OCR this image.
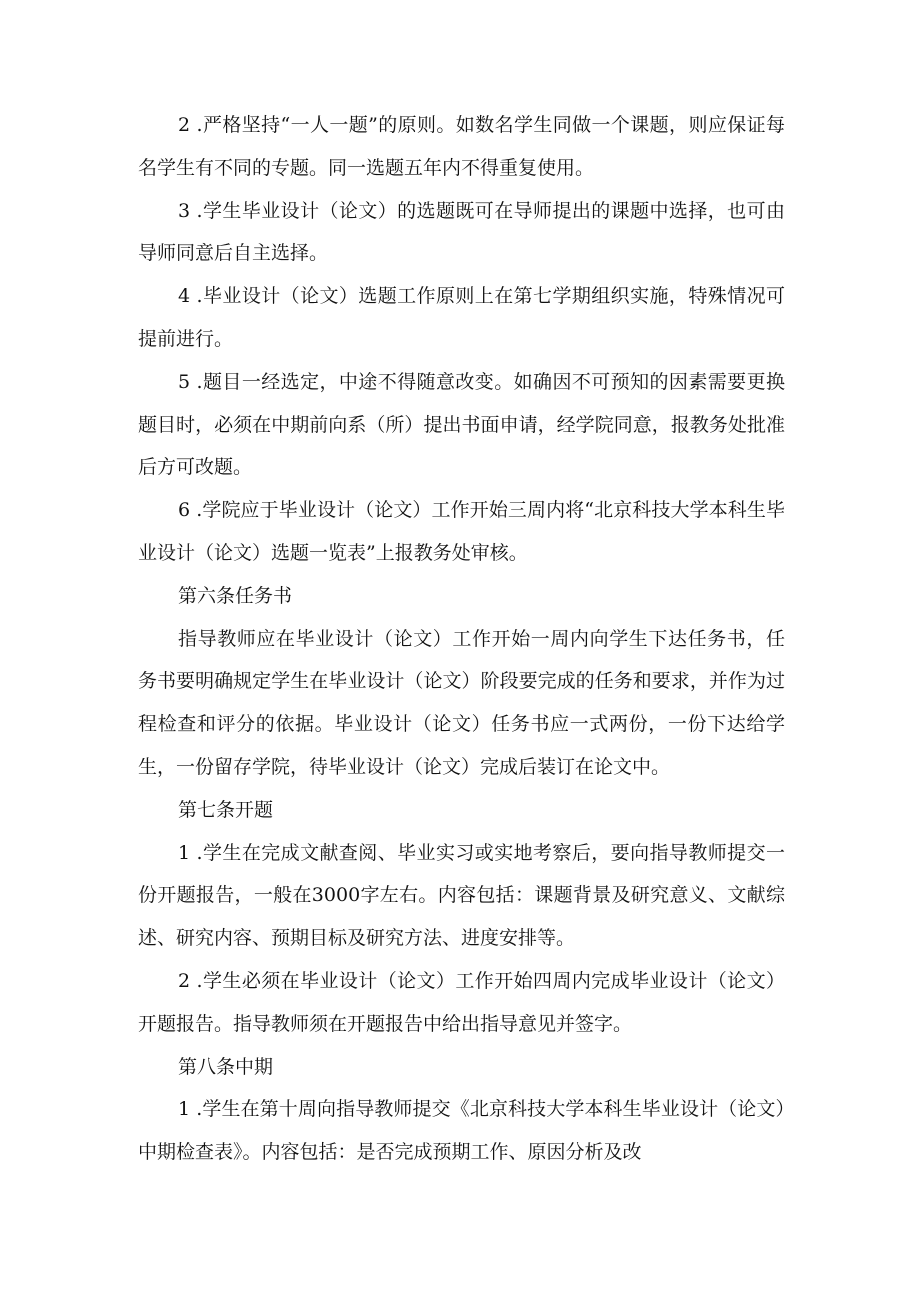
2 .严格坚持“一人一题”的原则。如数名学生同做一个课题，则应保证每名学生有不同的专题。同一选题五年内不得重复使用。

3 .学生毕业设计（论文）的选题既可在导师提出的课题中选择，也可由导师同意后自主选择。

4 .毕业设计（论文）选题工作原则上在第七学期组织实施，特殊情况可提前进行。

5 .题目一经选定，中途不得随意改变。如确因不可预知的因素需要更换题目时，必须在中期前向系（所）提出书面申请，经学院同意，报教务处批准后方可改题。

6 .学院应于毕业设计（论文）工作开始三周内将“北京科技大学本科生毕业设计（论文）选题一览表”上报教务处审核。

第六条任务书

指导教师应在毕业设计（论文）工作开始一周内向学生下达任务书，任务书要明确规定学生在毕业设计（论文）阶段要完成的任务和要求，并作为过程检查和评分的依据。毕业设计（论文）任务书应一式两份，一份下达给学生，一份留存学院，待毕业设计（论文）完成后装订在论文中。

第七条开题

1 .学生在完成文献查阅、毕业实习或实地考察后，要向指导教师提交一份开题报告，一般在3000字左右。内容包括：课题背景及研究意义、文献综述、研究内容、预期目标及研究方法、进度安排等。

2 .学生必须在毕业设计（论文）工作开始四周内完成毕业设计（论文）开题报告。指导教师须在开题报告中给出指导意见并签字。

第八条中期

1 .学生在第十周向指导教师提交《北京科技大学本科生毕业设计（论文）中期检查表》。内容包括：是否完成预期工作、原因分析及改
